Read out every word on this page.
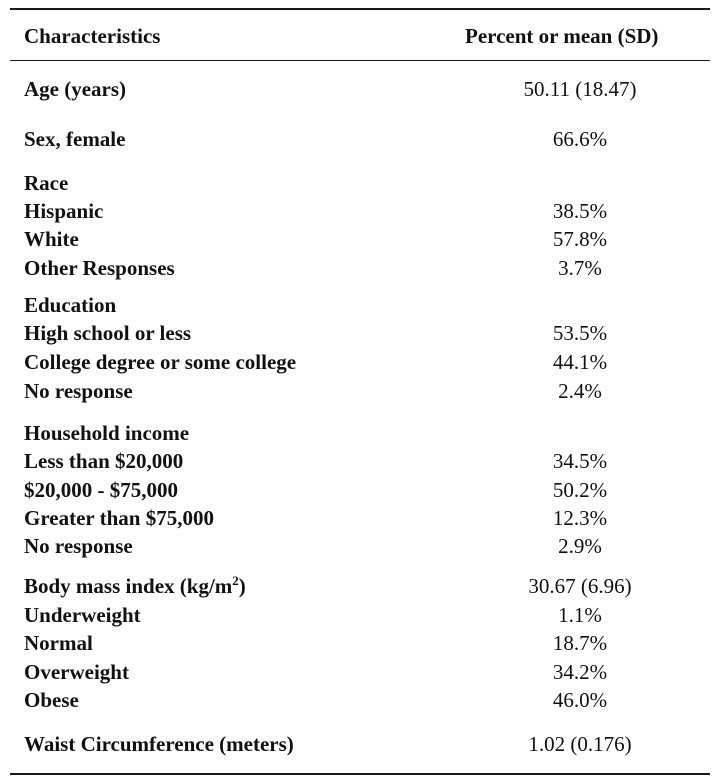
Characteristics	Percent or mean (SD)
Age (years)	50.11 (18.47)
Sex, female	66.6%
Race
Hispanic	38.5%
White	57.8%
Other Responses	3.7%
Education
High school or less	53.5%
College degree or some college	44.1%
No response	2.4%
Household income
Less than $20,000	34.5%
$20,000 - $75,000	50.2%
Greater than $75,000	12.3%
No response	2.9%
Body mass index $(kg/m^2)$	30.67 (6.96)
Underweight	1.1%
Normal	18.7%
Overweight	34.2%
Obese	46.0%
Waist Circumference (meters)	1.02 (0.176)
